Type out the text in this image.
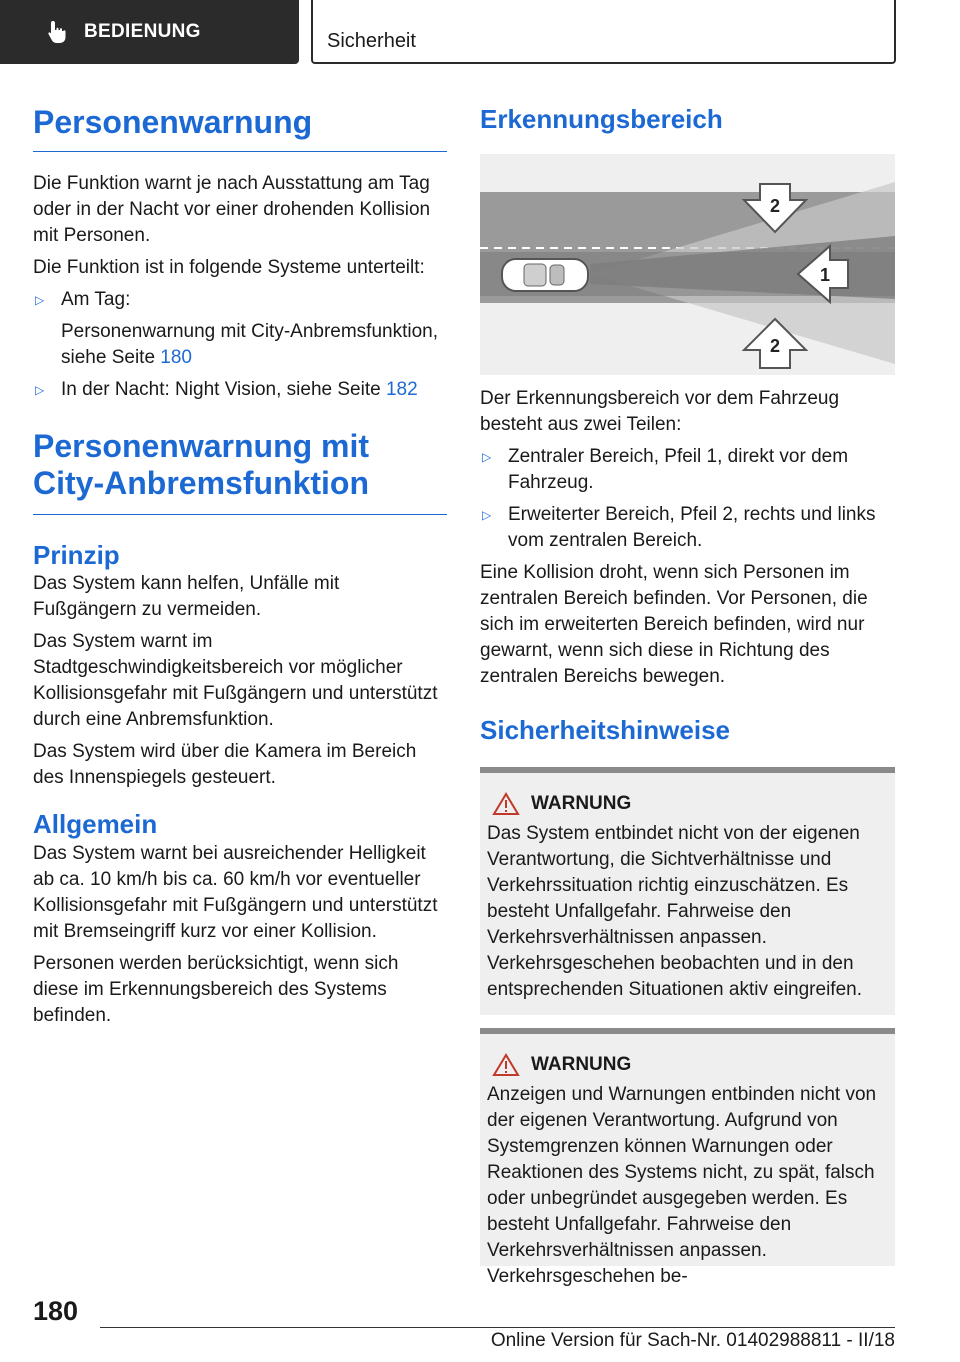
BEDIENUNG	Sicherheit
Personenwarnung

Die Funktion warnt je nach Ausstattung am Tag oder in der Nacht vor einer drohenden Kollision mit Personen.

Die Funktion ist in folgende Systeme unterteilt:

▷ Am Tag:
Personenwarnung mit City-Anbremsfunktion, siehe Seite 180
▷ In der Nacht: Night Vision, siehe Seite 182
Personenwarnung mit City-Anbremsfunktion
Prinzip

Das System kann helfen, Unfälle mit Fußgängern zu vermeiden.

Das System warnt im Stadtgeschwindigkeitsbereich vor möglicher Kollisionsgefahr mit Fußgängern und unterstützt durch eine Anbremsfunktion.

Das System wird über die Kamera im Bereich des Innenspiegels gesteuert.

Allgemein

Das System warnt bei ausreichender Helligkeit ab ca. 10 km/h bis ca. 60 km/h vor eventueller Kollisionsgefahr mit Fußgängern und unterstützt mit Bremseingriff kurz vor einer Kollision.

Personen werden berücksichtigt, wenn sich diese im Erkennungsbereich des Systems befinden.

Erkennungsbereich
2
1
2

Der Erkennungsbereich vor dem Fahrzeug besteht aus zwei Teilen:

▷ Zentraler Bereich, Pfeil 1, direkt vor dem Fahrzeug.
▷ Erweiterter Bereich, Pfeil 2, rechts und links vom zentralen Bereich.

Eine Kollision droht, wenn sich Personen im zentralen Bereich befinden. Vor Personen, die sich im erweiterten Bereich befinden, wird nur gewarnt, wenn sich diese in Richtung des zentralen Bereichs bewegen.

Sicherheitshinweise
WARNUNG

Das System entbindet nicht von der eigenen Verantwortung, die Sichtverhältnisse und Verkehrssituation richtig einzuschätzen. Es besteht Unfallgefahr. Fahrweise den Verkehrsverhältnissen anpassen. Verkehrsgeschehen beobachten und in den entsprechenden Situationen aktiv eingreifen.

WARNUNG

Anzeigen und Warnungen entbinden nicht von der eigenen Verantwortung. Aufgrund von Systemgrenzen können Warnungen oder Reaktionen des Systems nicht, zu spät, falsch oder unbegründet ausgegeben werden. Es besteht Unfallgefahr. Fahrweise den Verkehrsverhältnissen anpassen. Verkehrsgeschehen be-

180
Online Version für Sach-Nr. 01402988811 - II/18
